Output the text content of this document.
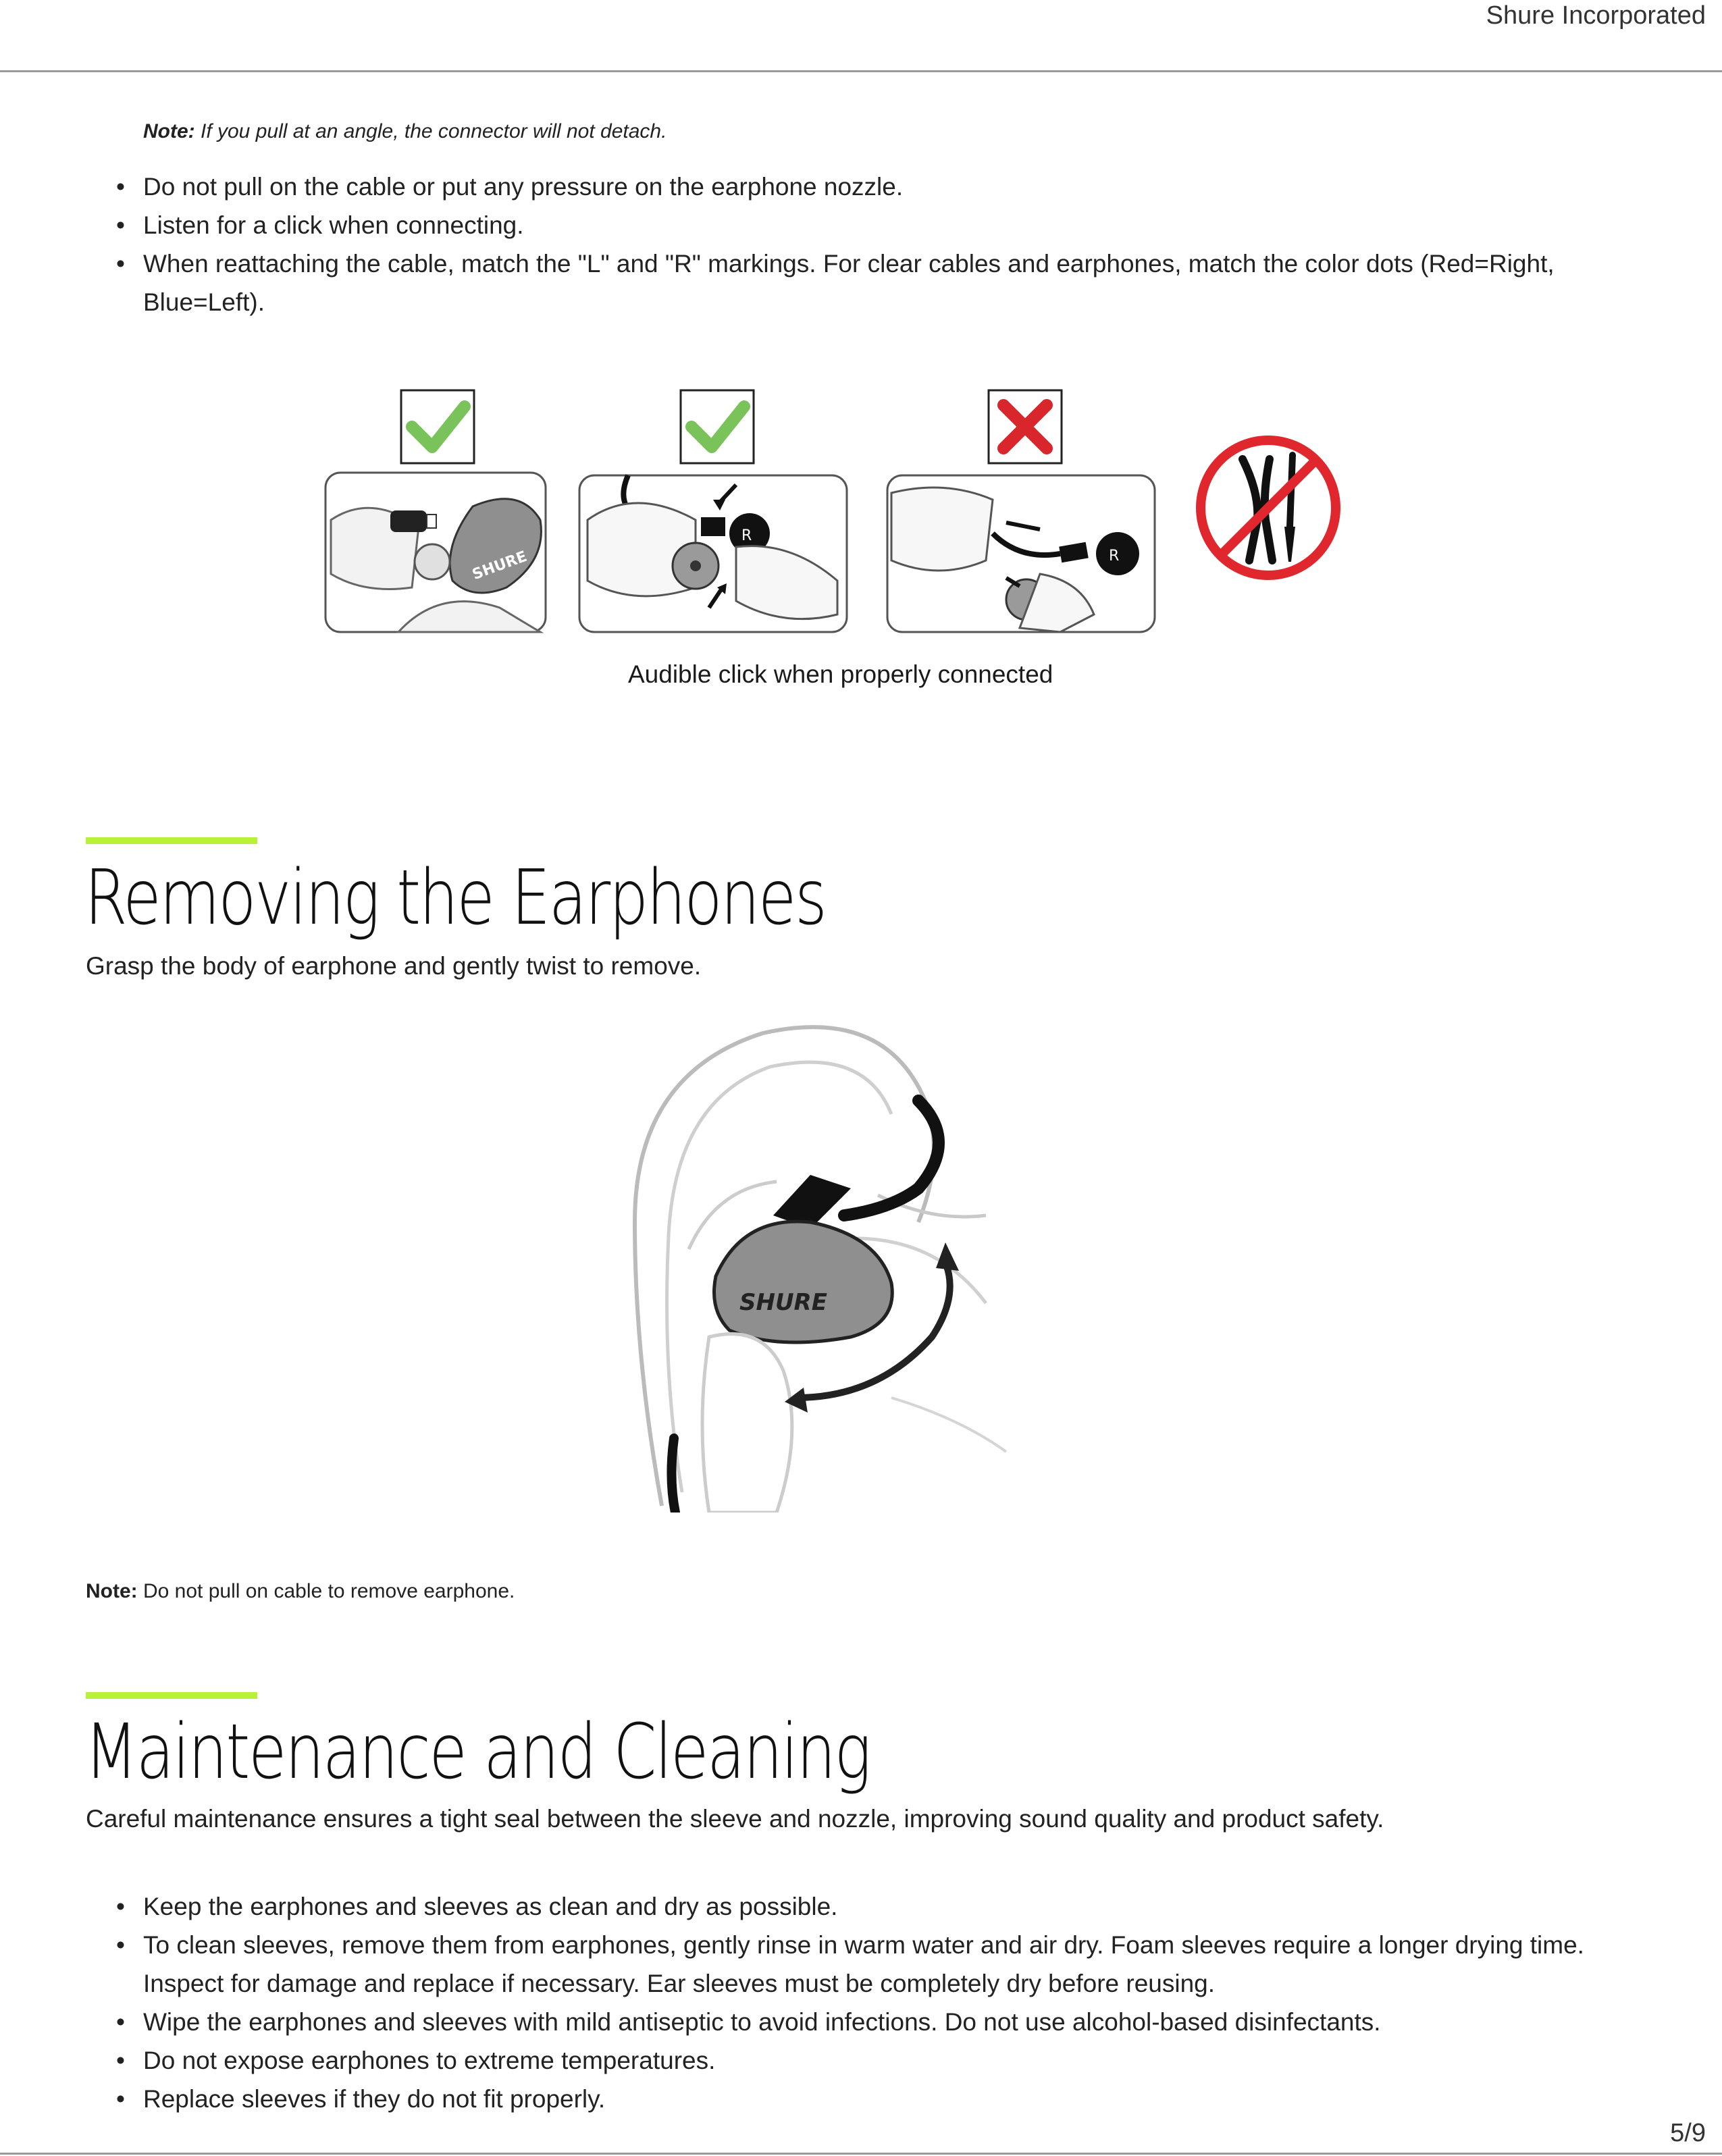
Shure Incorporated
Note: If you pull at an angle, the connector will not detach.
• Do not pull on the cable or put any pressure on the earphone nozzle.
• Listen for a click when connecting.
• When reattaching the cable, match the "L" and "R" markings. For clear cables and earphones, match the color dots (Red=Right, Blue=Left).
SHURE
R
R
Audible click when properly connected
Removing the Earphones
Grasp the body of earphone and gently twist to remove.
SHURE
Note: Do not pull on cable to remove earphone.
Maintenance and Cleaning
Careful maintenance ensures a tight seal between the sleeve and nozzle, improving sound quality and product safety.
• Keep the earphones and sleeves as clean and dry as possible.
• To clean sleeves, remove them from earphones, gently rinse in warm water and air dry. Foam sleeves require a longer drying time. Inspect for damage and replace if necessary. Ear sleeves must be completely dry before reusing.
• Wipe the earphones and sleeves with mild antiseptic to avoid infections. Do not use alcohol-based disinfectants.
• Do not expose earphones to extreme temperatures.
• Replace sleeves if they do not fit properly.
5/9
